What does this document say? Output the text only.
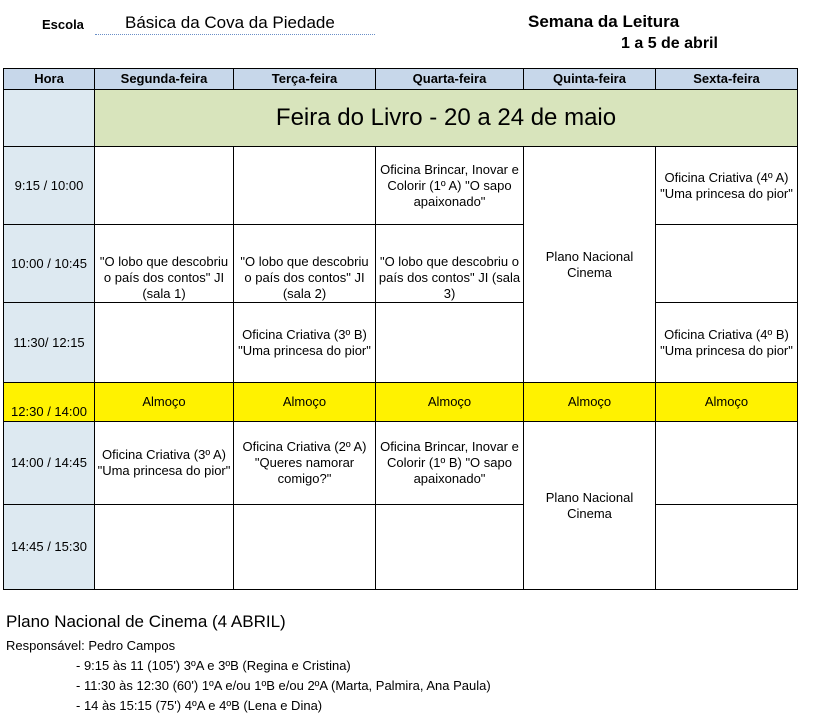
Escola	Básica da Cova da Piedade	Semana da Leitura
1 a 5 de abril
Hora	Segunda-feira	Terça-feira	Quarta-feira	Quinta-feira	Sexta-feira
	Feira do Livro - 20 a 24 de maio				
9:15 / 10:00			Oficina Brincar, Inovar e Colorir (1º A) "O sapo apaixonado"	Plano Nacional Cinema	Oficina Criativa (4º A) "Uma princesa do pior"
10:00 / 10:45	"O lobo que descobriu o país dos contos" JI (sala 1)	"O lobo que descobriu o país dos contos" JI (sala 2)	"O lobo que descobriu o país dos contos" JI (sala 3)		
11:30/ 12:15		Oficina Criativa (3º B) "Uma princesa do pior"			Oficina Criativa (4º B) "Uma princesa do pior"
12:30 / 14:00	Almoço	Almoço	Almoço	Almoço	Almoço
14:00 / 14:45	Oficina Criativa (3º A) "Uma princesa do pior"	Oficina Criativa (2º A) "Queres namorar comigo?"	Oficina Brincar, Inovar e Colorir (1º B) "O sapo apaixonado"	Plano Nacional Cinema	
14:45 / 15:30					
Plano Nacional de Cinema (4 ABRIL)
Responsável: Pedro Campos
- 9:15 às 11 (105') 3ºA e 3ºB (Regina e Cristina)
- 11:30 às 12:30 (60') 1ºA e/ou 1ºB e/ou 2ºA (Marta, Palmira, Ana Paula)
- 14 às 15:15 (75') 4ºA e 4ºB (Lena e Dina)
